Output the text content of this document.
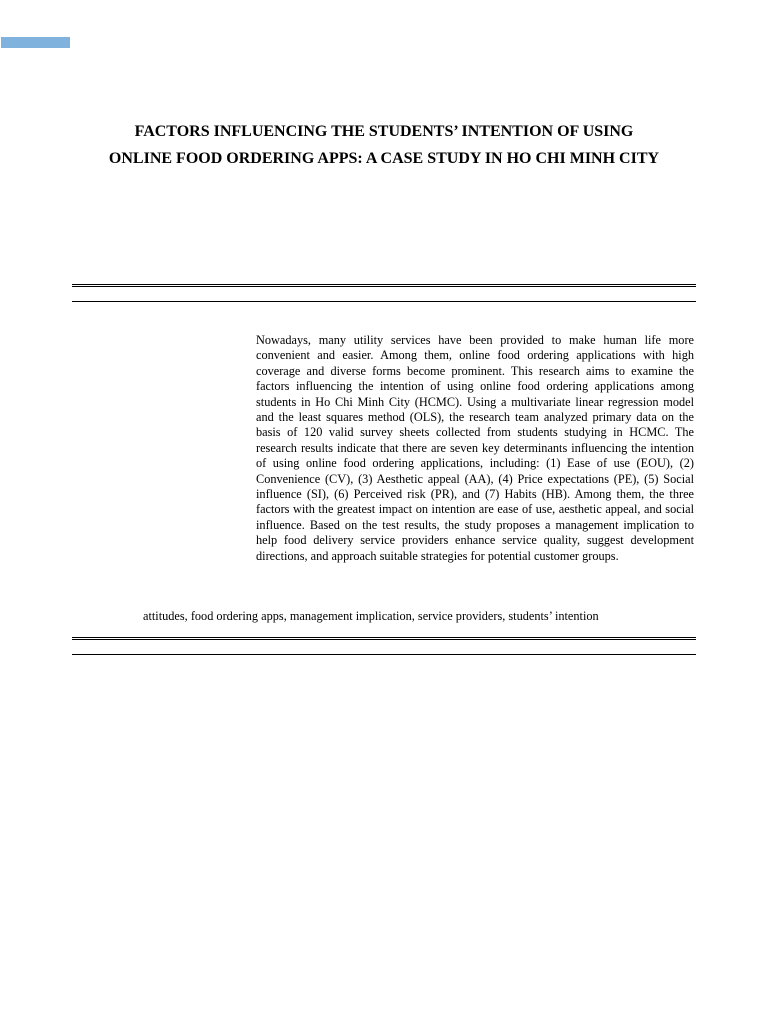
FACTORS INFLUENCING THE STUDENTS’ INTENTION OF USING
ONLINE FOOD ORDERING APPS: A CASE STUDY IN HO CHI MINH CITY

Nowadays, many utility services have been provided to make human life more convenient and easier. Among them, online food ordering applications with high coverage and diverse forms become prominent. This research aims to examine the factors influencing the intention of using online food ordering applications among students in Ho Chi Minh City (HCMC). Using a multivariate linear regression model and the least squares method (OLS), the research team analyzed primary data on the basis of 120 valid survey sheets collected from students studying in HCMC. The research results indicate that there are seven key determinants influencing the intention of using online food ordering applications, including: (1) Ease of use (EOU), (2) Convenience (CV), (3) Aesthetic appeal (AA), (4) Price expectations (PE), (5) Social influence (SI), (6) Perceived risk (PR), and (7) Habits (HB). Among them, the three factors with the greatest impact on intention are ease of use, aesthetic appeal, and social influence. Based on the test results, the study proposes a management implication to help food delivery service providers enhance service quality, suggest development directions, and approach suitable strategies for potential customer groups.

attitudes, food ordering apps, management implication, service providers, students’ intention
